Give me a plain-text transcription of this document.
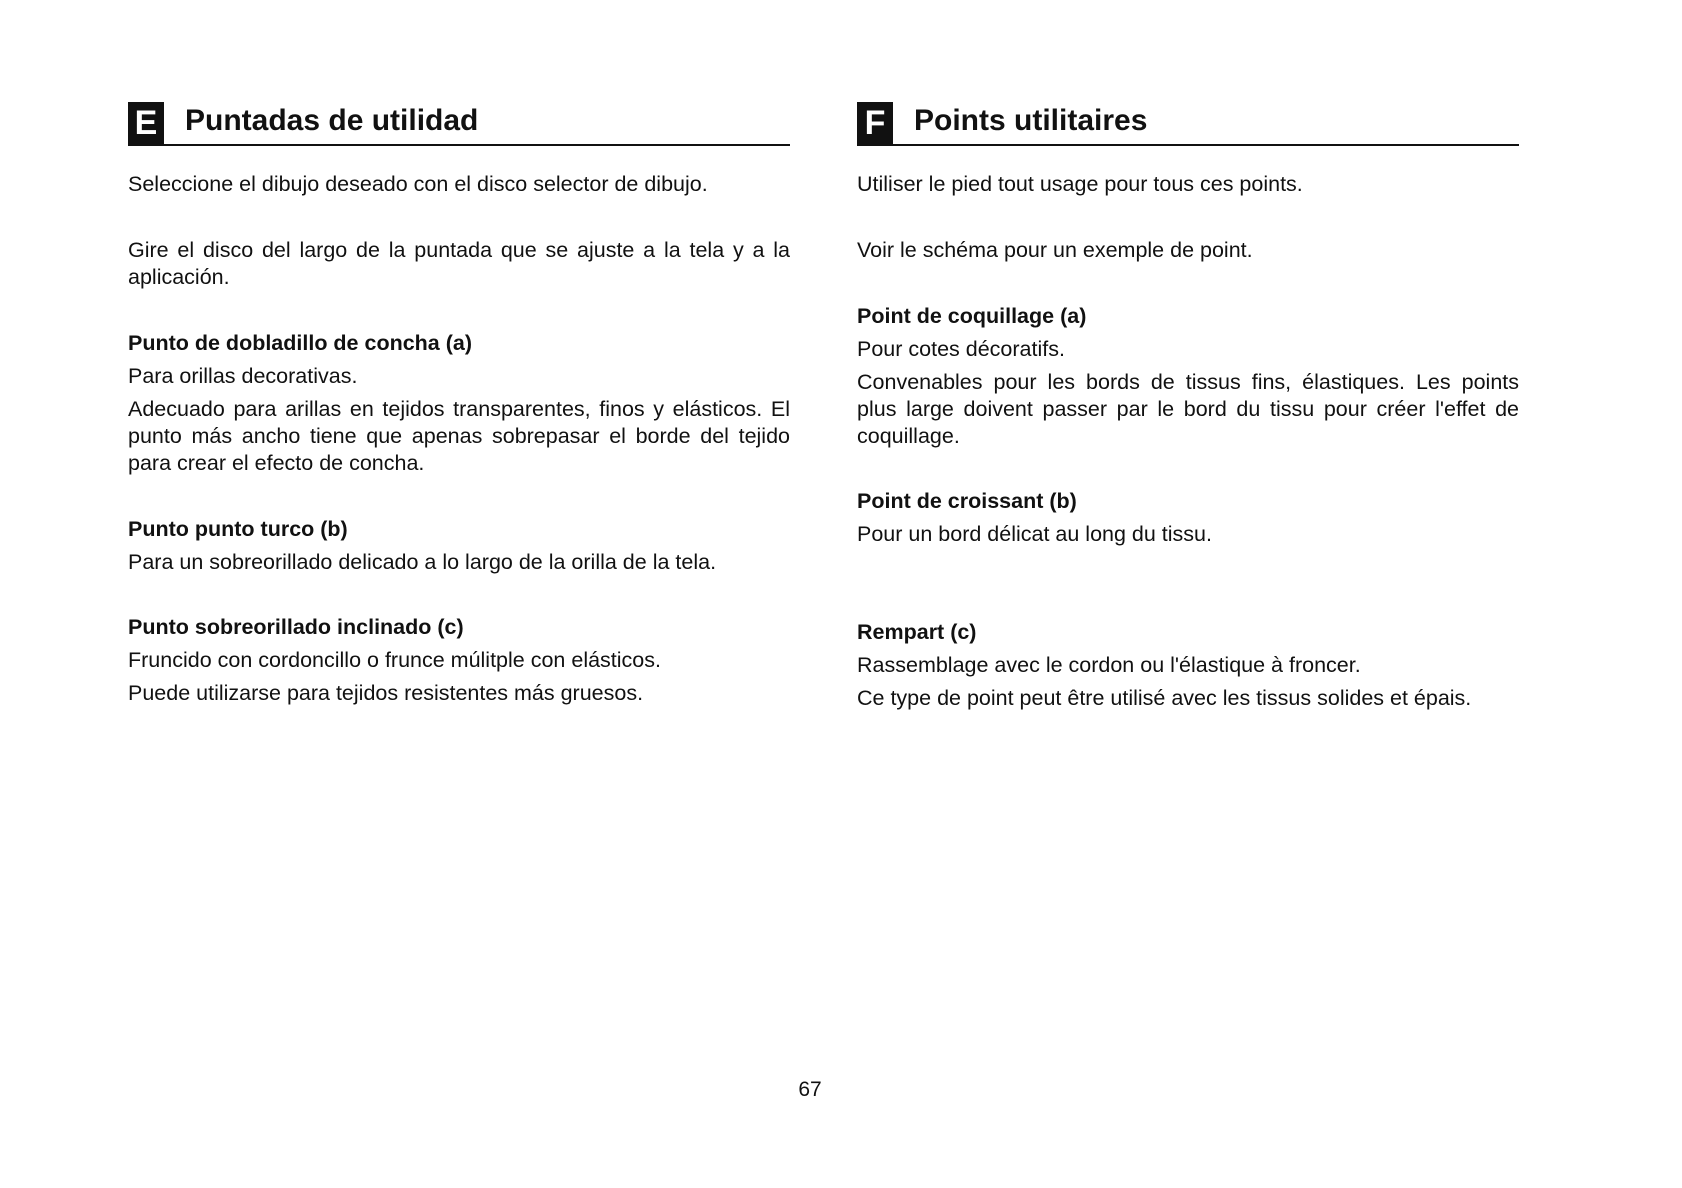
E Puntadas de utilidad

Seleccione el dibujo deseado con el disco selector de dibujo.

Gire el disco del largo de la puntada que se ajuste a la tela y a la aplicación.

Punto de dobladillo de concha (a)

Para orillas decorativas.

Adecuado para arillas en tejidos transparentes, finos y elásticos. El punto más ancho tiene que apenas sobrepasar el borde del tejido para crear el efecto de concha.

Punto punto turco (b)

Para un sobreorillado delicado a lo largo de la orilla de la tela.

Punto sobreorillado inclinado (c)

Fruncido con cordoncillo o frunce múlitple con elásticos.

Puede utilizarse para tejidos resistentes más gruesos.

F Points utilitaires

Utiliser le pied tout usage pour tous ces points.

Voir le schéma pour un exemple de point.

Point de coquillage (a)

Pour cotes décoratifs.

Convenables pour les bords de tissus fins, élastiques. Les points plus large doivent passer par le bord du tissu pour créer l'effet de coquillage.

Point de croissant (b)

Pour un bord délicat au long du tissu.

Rempart (c)

Rassemblage avec le cordon ou l'élastique à froncer.

Ce type de point peut être utilisé avec les tissus solides et épais.

67
